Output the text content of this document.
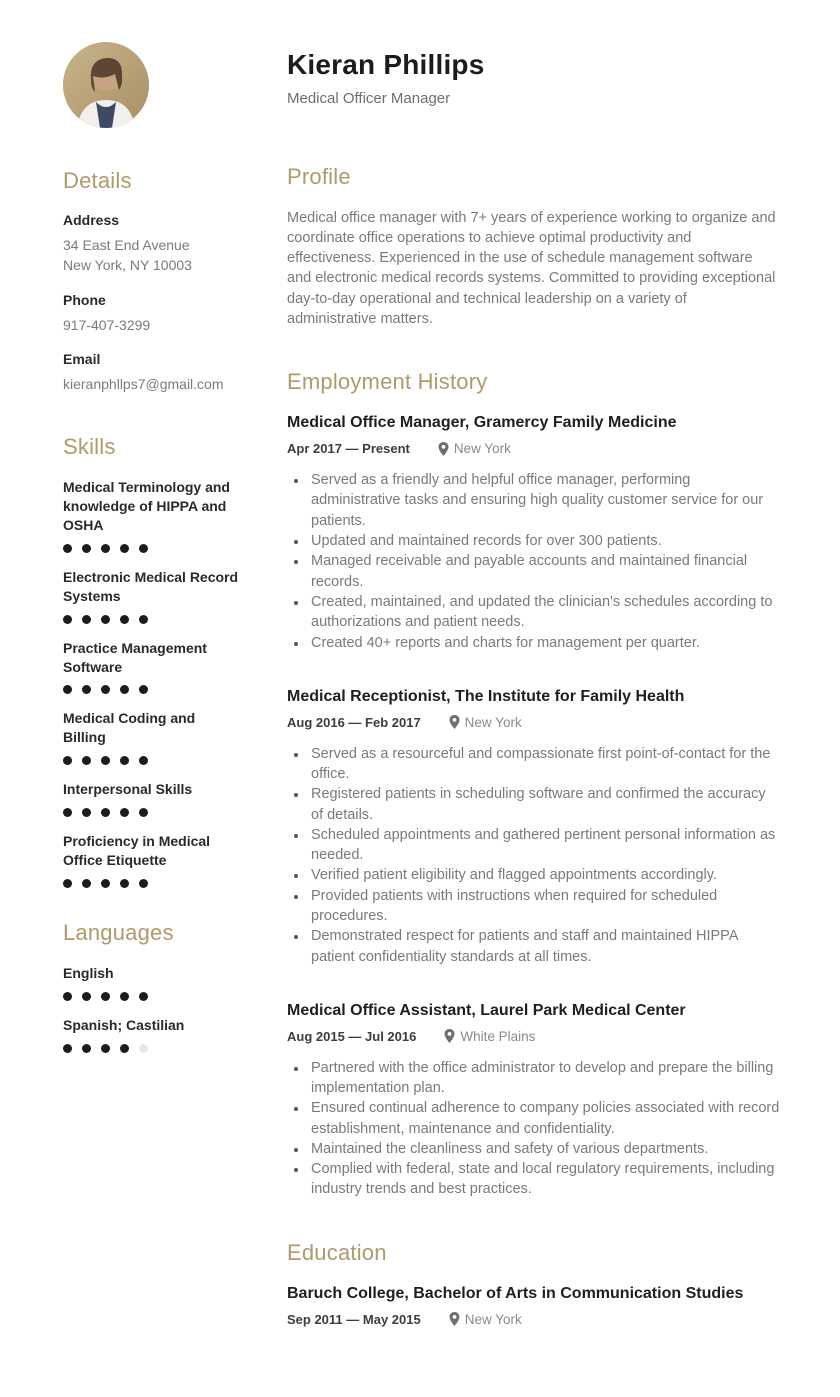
Details
Address
34 East End Avenue
New York, NY 10003
Phone
917-407-3299
Email
kieranphllps7@gmail.com
Skills
Medical Terminology and knowledge of HIPPA and OSHA
Electronic Medical Record Systems
Practice Management Software
Medical Coding and Billing
Interpersonal Skills
Proficiency in Medical Office Etiquette
Languages
English
Spanish; Castilian
Kieran Phillips
Medical Officer Manager
Profile

Medical office manager with 7+ years of experience working to organize and coordinate office operations to achieve optimal productivity and effectiveness. Experienced in the use of schedule management software and electronic medical records systems. Committed to providing exceptional day-to-day operational and technical leadership on a variety of administrative matters.

Employment History
Medical Office Manager, Gramercy Family Medicine
Apr 2017 — Present	New York
• Served as a friendly and helpful office manager, performing administrative tasks and ensuring high quality customer service for our patients.
• Updated and maintained records for over 300 patients.
• Managed receivable and payable accounts and maintained financial records.
• Created, maintained, and updated the clinician's schedules according to authorizations and patient needs.
• Created 40+ reports and charts for management per quarter.
Medical Receptionist, The Institute for Family Health
Aug 2016 — Feb 2017	New York
• Served as a resourceful and compassionate first point-of-contact for the office.
• Registered patients in scheduling software and confirmed the accuracy of details.
• Scheduled appointments and gathered pertinent personal information as needed.
• Verified patient eligibility and flagged appointments accordingly.
• Provided patients with instructions when required for scheduled procedures.
• Demonstrated respect for patients and staff and maintained HIPPA patient confidentiality standards at all times.
Medical Office Assistant, Laurel Park Medical Center
Aug 2015 — Jul 2016	White Plains
• Partnered with the office administrator to develop and prepare the billing implementation plan.
• Ensured continual adherence to company policies associated with record establishment, maintenance and confidentiality.
• Maintained the cleanliness and safety of various departments.
• Complied with federal, state and local regulatory requirements, including industry trends and best practices.
Education
Baruch College, Bachelor of Arts in Communication Studies
Sep 2011 — May 2015	New York
